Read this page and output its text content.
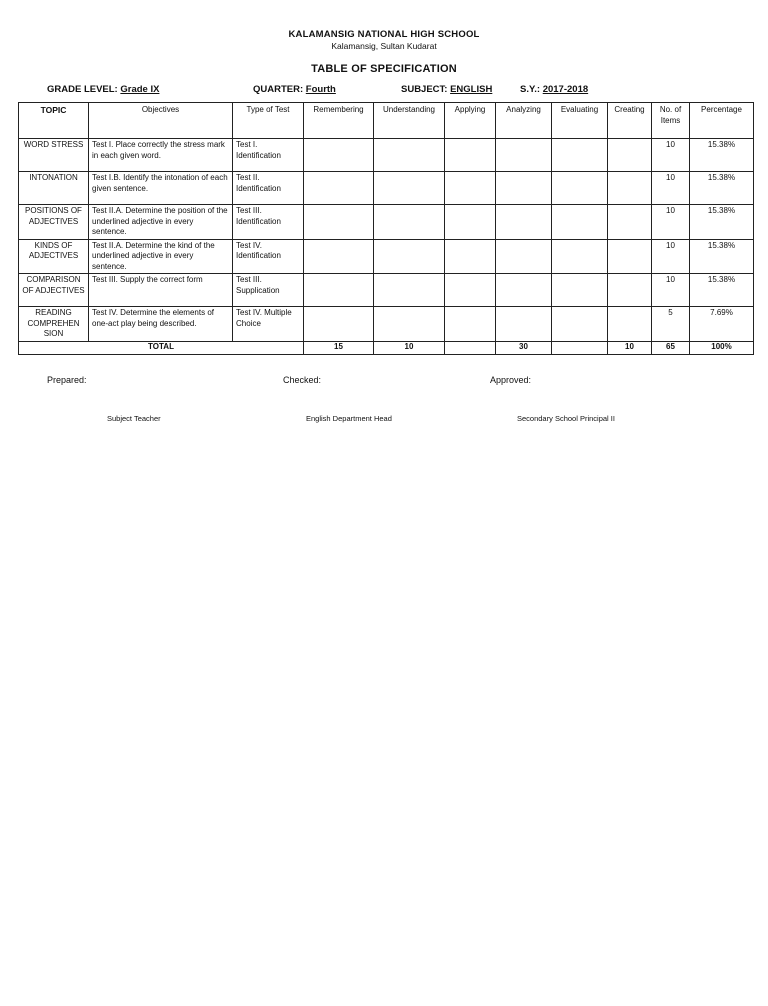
KALAMANSIG NATIONAL HIGH SCHOOL
Kalamansig, Sultan Kudarat
TABLE OF SPECIFICATION
GRADE LEVEL: Grade IX	QUARTER: Fourth	SUBJECT: ENGLISH	S.Y.: 2017-2018
TOPIC	Objectives	Type of Test	Remembering	Understanding	Applying	Analyzing	Evaluating	Creating	No. of Items	Percentage
WORD STRESS	Test I. Place correctly the stress mark in each given word.	Test I. Identification							10	15.38%
INTONATION	Test I.B. Identify the intonation of each given sentence.	Test II. Identification							10	15.38%
POSITIONS OF ADJECTIVES	Test II.A. Determine the position of the underlined adjective in every sentence.	Test III. Identification							10	15.38%
KINDS OF ADJECTIVES	Test II.A. Determine the kind of the underlined adjective in every sentence.	Test IV. Identification							10	15.38%
COMPARISON OF ADJECTIVES	Test III. Supply the correct form	Test III. Supplication							10	15.38%
READING COMPREHEN SION	Test IV. Determine the elements of one-act play being described.	Test IV. Multiple Choice							5	7.69%
TOTAL			15	10		30		10	65	100%
Prepared:	Checked:	Approved:
Subject Teacher	English Department Head	Secondary School Principal II
